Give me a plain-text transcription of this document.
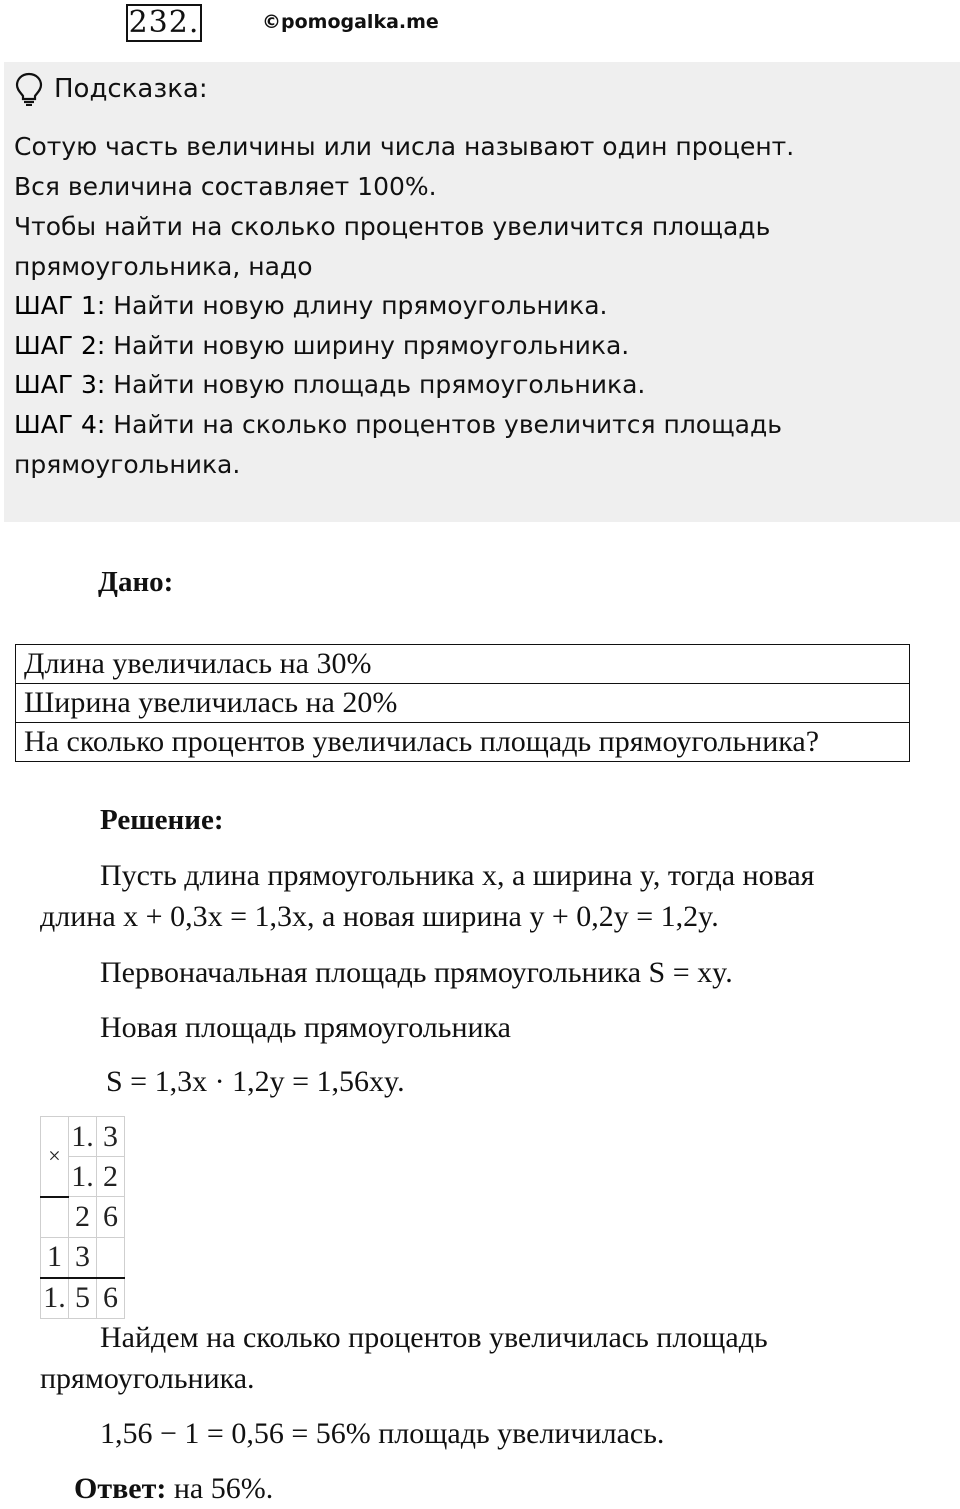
232.	©pomogalka.me
Подсказка:
Сотую часть величины или числа называют один процент.
Вся величина составляет 100%.
Чтобы найти на сколько процентов увеличится площадь
прямоугольника, надо
ШАГ 1: Найти новую длину прямоугольника.
ШАГ 2: Найти новую ширину прямоугольника.
ШАГ 3: Найти новую площадь прямоугольника.
ШАГ 4: Найти на сколько процентов увеличится площадь
прямоугольника.
Дано:
Длина увеличилась на 30%
Ширина увеличилась на 20%
На сколько процентов увеличилась площадь прямоугольника?
Решение:
Пусть длина прямоугольника x, а ширина y, тогда новая
длина x + 0,3x = 1,3x, а новая ширина y + 0,2y = 1,2y.
Первоначальная площадь прямоугольника S = xy.
Новая площадь прямоугольника
S = 1,3x · 1,2y = 1,56xy.
×	1.	3
	1.	2
	2	6
1	3	
1.	5	6
Найдем на сколько процентов увеличилась площадь
прямоугольника.
1,56 − 1 = 0,56 = 56% площадь увеличилась.
Ответ: на 56%.
